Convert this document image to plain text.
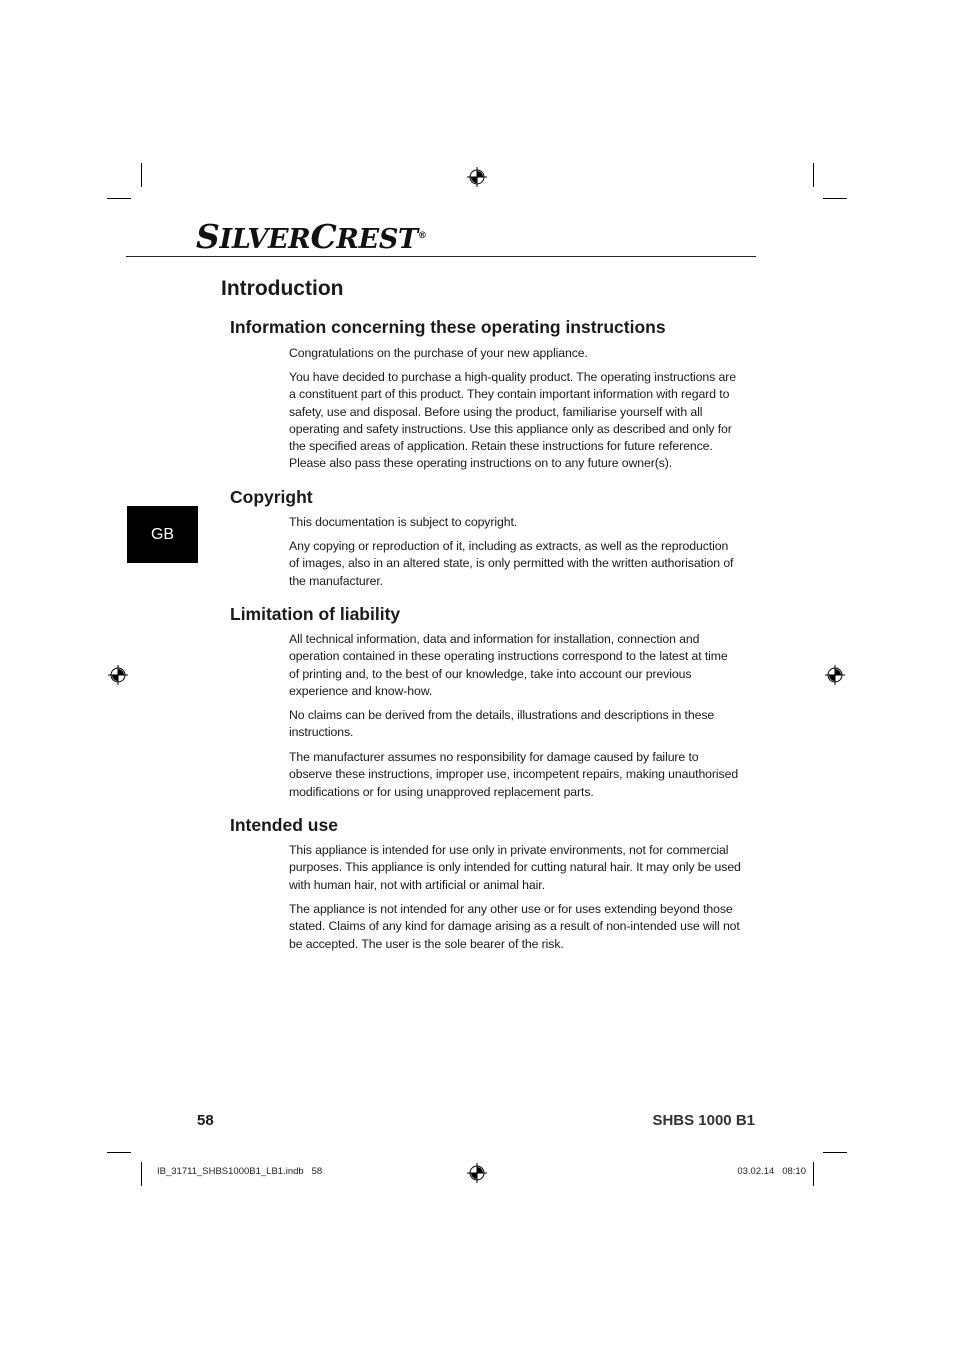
SILVERCREST®
GB
Introduction
Information concerning these operating instructions

Congratulations on the purchase of your new appliance.

You have decided to purchase a high-quality product. The operating instructions are a constituent part of this product. They contain important information with regard to safety, use and disposal. Before using the product, familiarise yourself with all operating and safety instructions. Use this appliance only as described and only for the specified areas of application. Retain these instructions for future reference. Please also pass these operating instructions on to any future owner(s).

Copyright

This documentation is subject to copyright.

Any copying or reproduction of it, including as extracts, as well as the reproduction of images, also in an altered state, is only permitted with the written authorisation of the manufacturer.

Limitation of liability

All technical information, data and information for installation, connection and operation contained in these operating instructions correspond to the latest at time of printing and, to the best of our knowledge, take into account our previous experience and know-how.

No claims can be derived from the details, illustrations and descriptions in these instructions.

The manufacturer assumes no responsibility for damage caused by failure to observe these instructions, improper use, incompetent repairs, making unauthorised modifications or for using unapproved replacement parts.

Intended use

This appliance is intended for use only in private environments, not for commercial purposes. This appliance is only intended for cutting natural hair. It may only be used with human hair, not with artificial or animal hair.

The appliance is not intended for any other use or for uses extending beyond those stated. Claims of any kind for damage arising as a result of non-intended use will not be accepted. The user is the sole bearer of the risk.

58	SHBS 1000 B1
IB_31711_SHBS1000B1_LB1.indb   58	03.02.14   08:10
